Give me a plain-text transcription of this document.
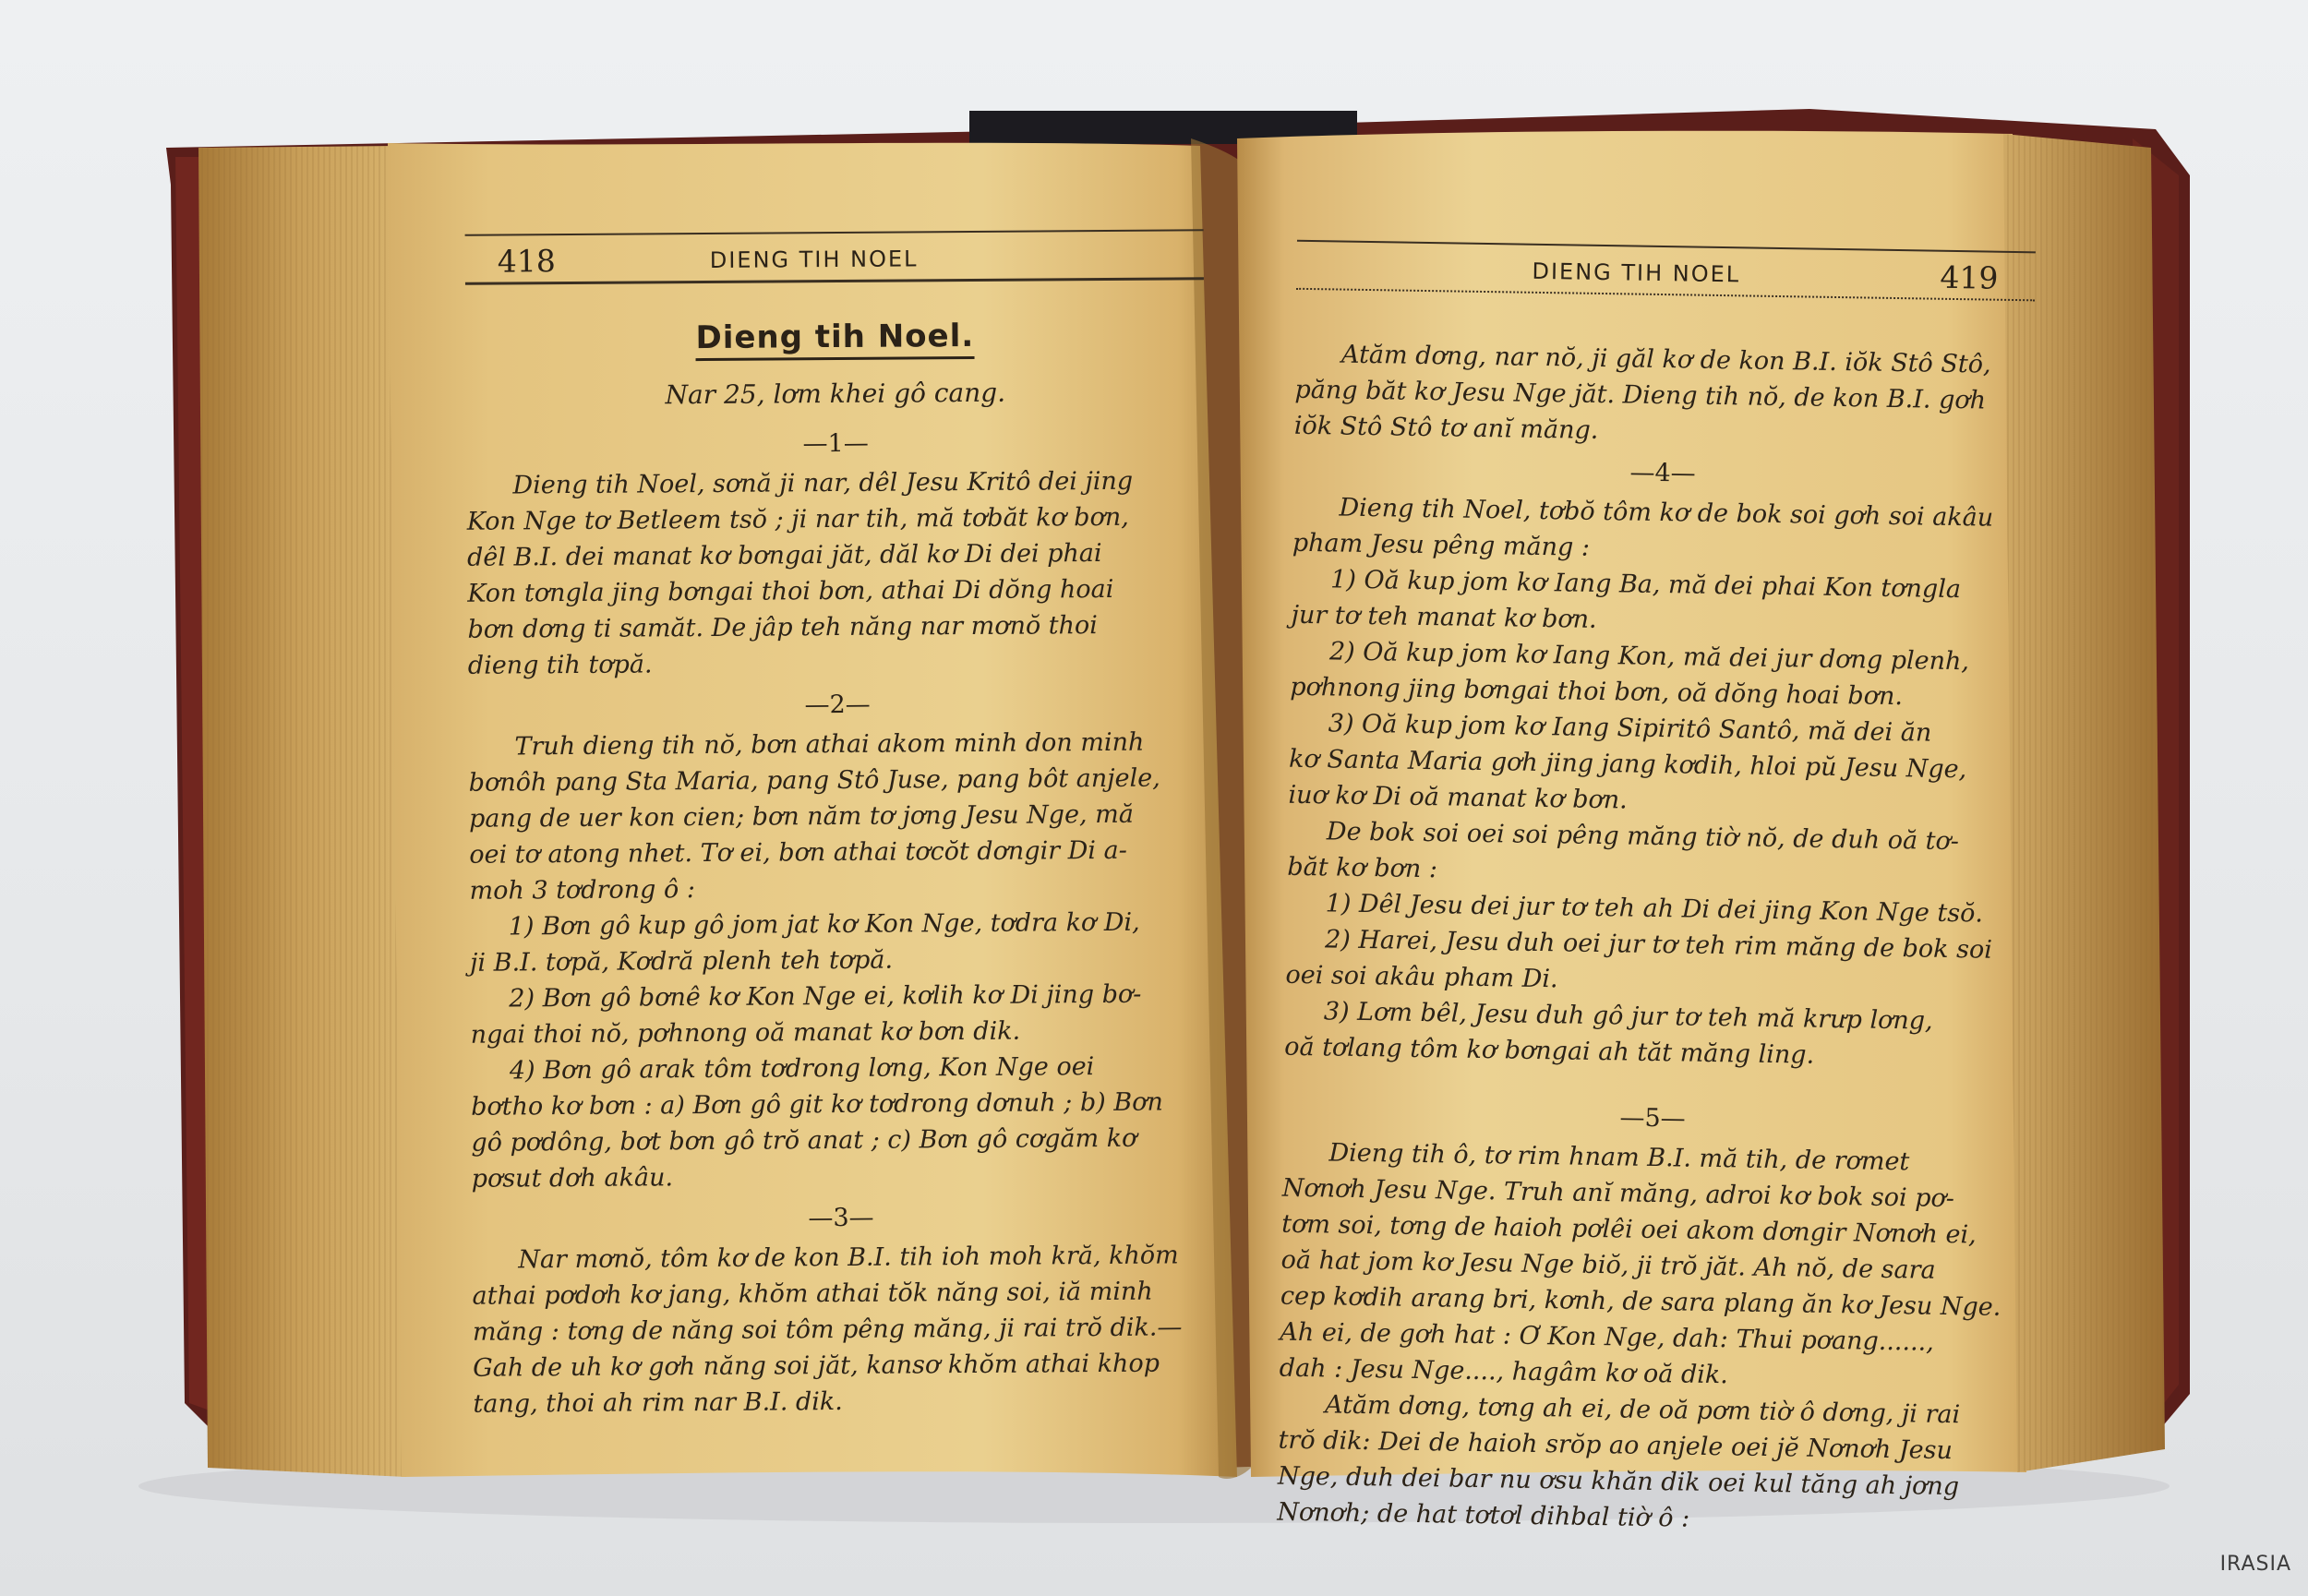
418	DIENG TIH NOEL
Dieng tih Noel.
Nar 25, lơm khei gô cang.
—1—
Dieng tih Noel, sơnă ji nar, dêl Jesu Kritô dei jing
Kon Nge tơ Betleem tsŏ ; ji nar tih, mă tơbăt kơ bơn,
dêl B.I. dei manat kơ bơngai jăt, dăl kơ Di dei phai
Kon tơngla jing bơngai thoi bơn, athai Di dŏng hoai
bơn dơng ti samăt. De jâp teh năng nar mơnŏ thoi
dieng tih tơpă.
—2—
Truh dieng tih nŏ, bơn athai akom minh don minh
bơnôh pang Sta Maria, pang Stô Juse, pang bôt anjele,
pang de uer kon cien; bơn năm tơ jơng Jesu Nge, mă
oei tơ atong nhet. Tơ ei, bơn athai tơcŏt dơngir Di a-
moh 3 tơdrong ô :
1) Bơn gô kup gô jom jat kơ Kon Nge, tơdra kơ Di,
ji B.I. tơpă, Kơdră plenh teh tơpă.
2) Bơn gô bơnê kơ Kon Nge ei, kơlih kơ Di jing bơ-
ngai thoi nŏ, pơhnong oă manat kơ bơn dik.
4) Bơn gô arak tôm tơdrong lơng, Kon Nge oei
bơtho kơ bơn : a) Bơn gô git kơ tơdrong dơnuh ; b) Bơn
gô pơdông, bơt bơn gô trŏ anat ; c) Bơn gô cơgăm kơ
pơsut dơh akâu.
—3—
Nar mơnŏ, tôm kơ de kon B.I. tih ioh moh kră, khŏm
athai pơdơh kơ jang, khŏm athai tŏk năng soi, iă minh
măng : tơng de năng soi tôm pêng măng, ji rai trŏ dik.—
Gah de uh kơ gơh năng soi jăt, kansơ khŏm athai khop
tang, thoi ah rim nar B.I. dik.
DIENG TIH NOEL	419
Atăm dơng, nar nŏ, ji găl kơ de kon B.I. iŏk Stô Stô,
păng băt kơ Jesu Nge jăt. Dieng tih nŏ, de kon B.I. gơh
iŏk Stô Stô tơ anĭ măng.
—4—
Dieng tih Noel, tơbŏ tôm kơ de bok soi gơh soi akâu
pham Jesu pêng măng :
1) Oă kup jom kơ Iang Ba, mă dei phai Kon tơngla
jur tơ teh manat kơ bơn.
2) Oă kup jom kơ Iang Kon, mă dei jur dơng plenh,
pơhnong jing bơngai thoi bơn, oă dŏng hoai bơn.
3) Oă kup jom kơ Iang Sipiritô Santô, mă dei ăn
kơ Santa Maria gơh jing jang kơdih, hloi pŭ Jesu Nge,
iuơ kơ Di oă manat kơ bơn.
De bok soi oei soi pêng măng tiờ nŏ, de duh oă tơ-
băt kơ bơn :
1) Dêl Jesu dei jur tơ teh ah Di dei jing Kon Nge tsŏ.
2) Harei, Jesu duh oei jur tơ teh rim măng de bok soi
oei soi akâu pham Di.
3) Lơm bêl, Jesu duh gô jur tơ teh mă krưp lơng,
oă tơlang tôm kơ bơngai ah tăt măng ling.
—5—
Dieng tih ô, tơ rim hnam B.I. mă tih, de rơmet
Nơnơh Jesu Nge. Truh anĭ măng, adroi kơ bok soi pơ-
tơm soi, tơng de haioh pơlêi oei akom dơngir Nơnơh ei,
oă hat jom kơ Jesu Nge biŏ, ji trŏ jăt. Ah nŏ, de sara
cep kơdih arang bri, kơnh, de sara plang ăn kơ Jesu Nge.
Ah ei, de gơh hat : Ơ Kon Nge, dah: Thui pơang......,
dah : Jesu Nge...., hagâm kơ oă dik.
Atăm dơng, tơng ah ei, de oă pơm tiờ ô dơng, ji rai
trŏ dik: Dei de haioh srŏp ao anjele oei jĕ Nơnơh Jesu
Nge, duh dei bar nu ơsu khăn dik oei kul tăng ah jơng
Nơnơh; de hat tơtơl dihbal tiờ ô :
IRASIA
